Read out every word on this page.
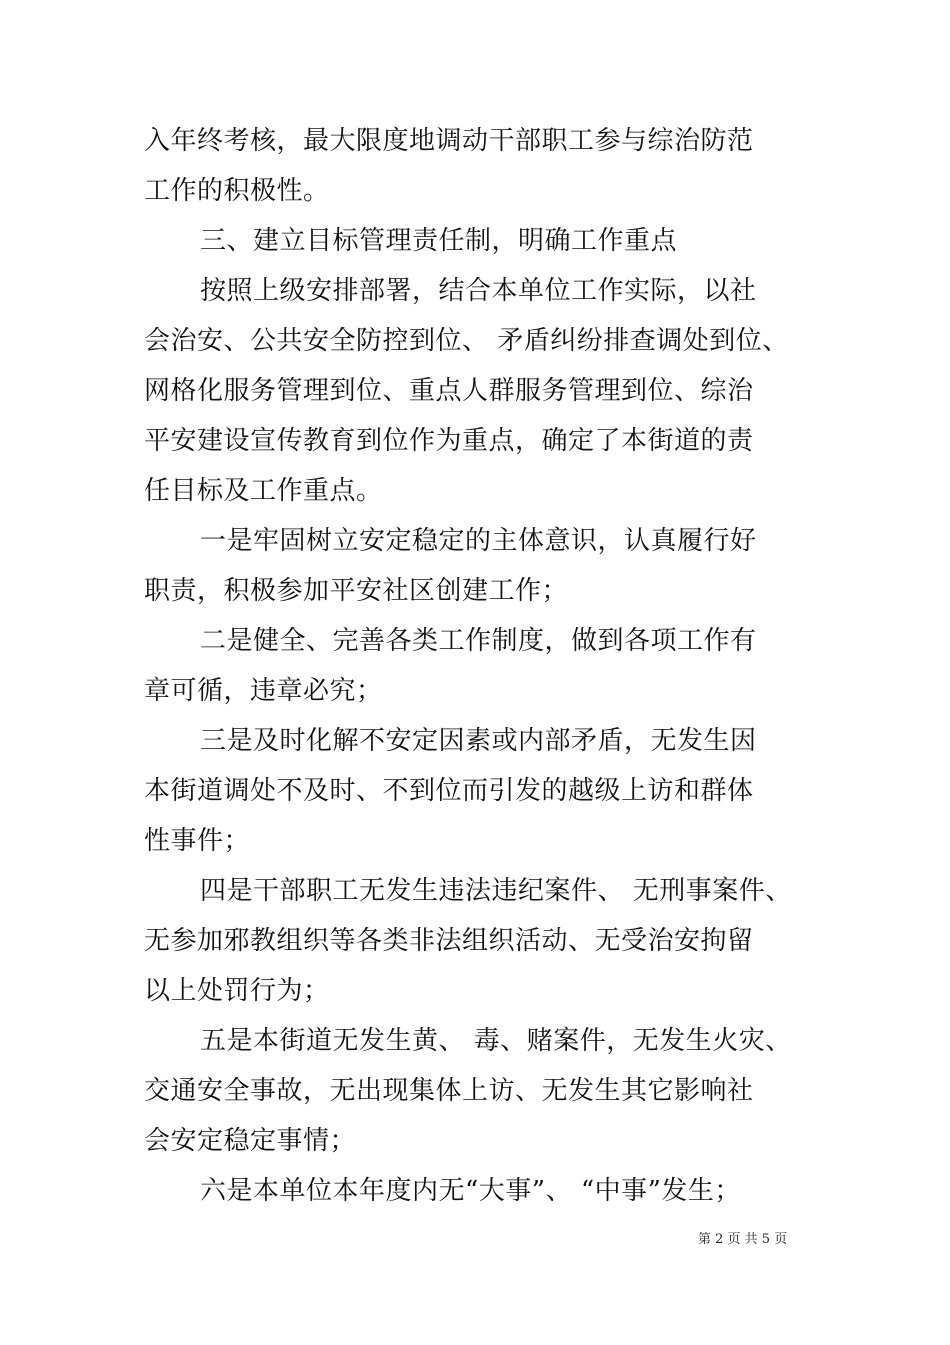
入年终考核，最大限度地调动干部职工参与综治防范
工作的积极性。
三、建立目标管理责任制，明确工作重点
按照上级安排部署，结合本单位工作实际，以社
会治安、公共安全防控到位、 矛盾纠纷排查调处到位、
网格化服务管理到位、重点人群服务管理到位、综治
平安建设宣传教育到位作为重点，确定了本街道的责
任目标及工作重点。
一是牢固树立安定稳定的主体意识，认真履行好
职责，积极参加平安社区创建工作；
二是健全、完善各类工作制度，做到各项工作有
章可循，违章必究；
三是及时化解不安定因素或内部矛盾，无发生因
本街道调处不及时、不到位而引发的越级上访和群体
性事件；
四是干部职工无发生违法违纪案件、 无刑事案件、
无参加邪教组织等各类非法组织活动、无受治安拘留
以上处罚行为；
五是本街道无发生黄、 毒、赌案件，无发生火灾、
交通安全事故，无出现集体上访、无发生其它影响社
会安定稳定事情；
六是本单位本年度内无“大事”、 “中事”发生；
第 2 页 共 5 页
